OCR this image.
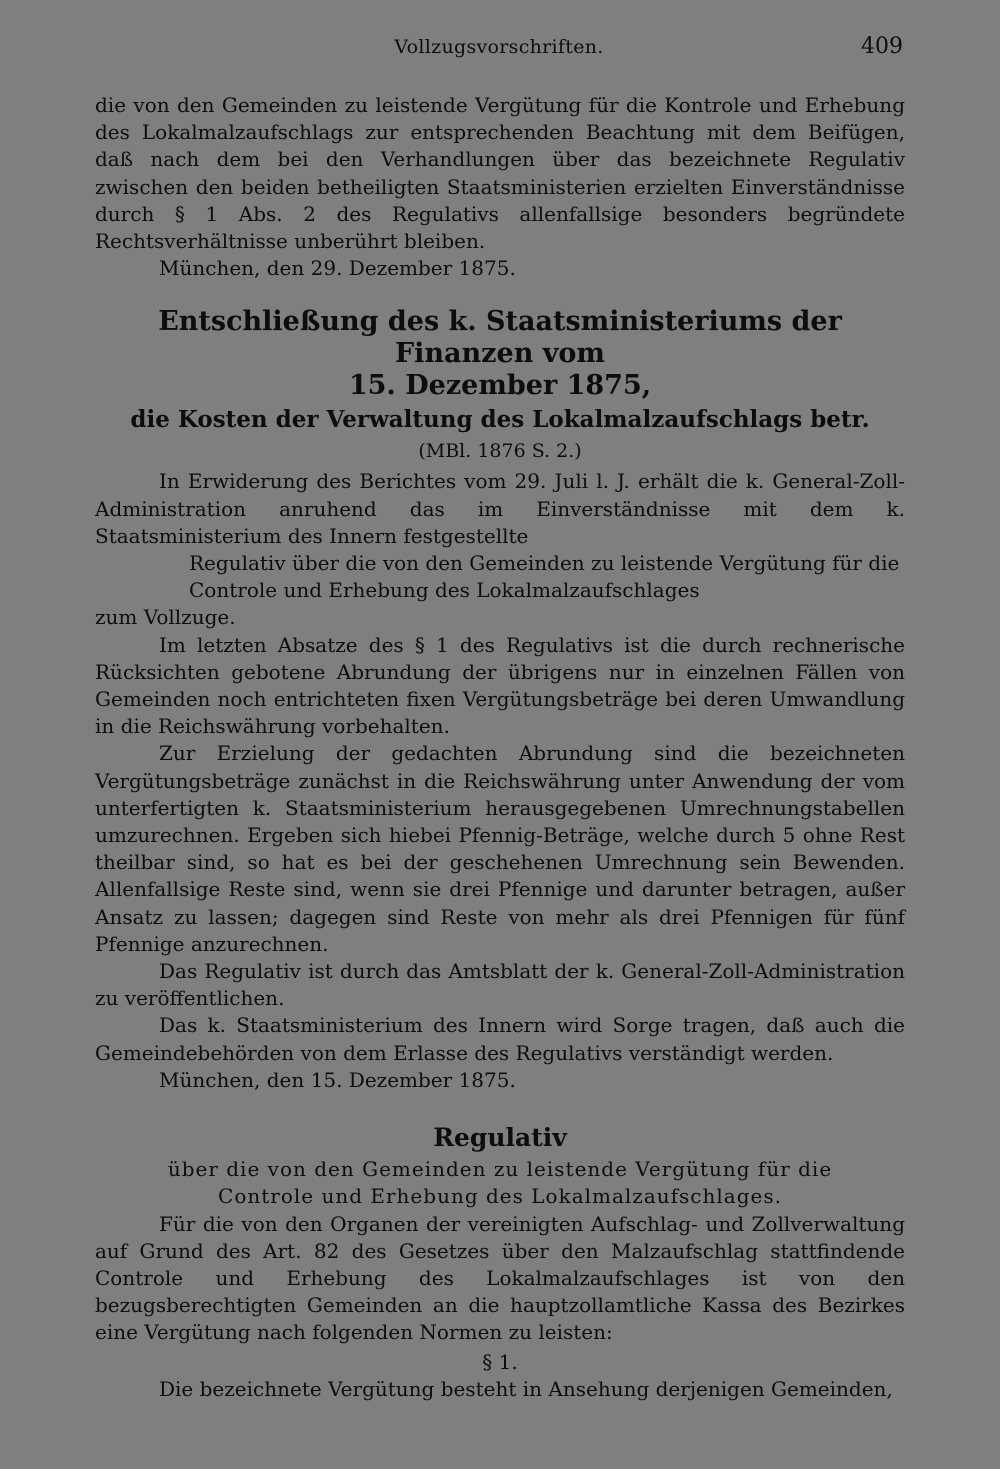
Vollzugsvorschriften.	409

die von den Gemeinden zu leistende Vergütung für die Kontrole und Erhebung des Lokalmalzaufschlags zur entsprechenden Beachtung mit dem Beifügen, daß nach dem bei den Verhandlungen über das bezeichnete Regulativ zwischen den beiden betheiligten Staatsministerien erzielten Einverständnisse durch § 1 Abs. 2 des Regulativs allenfallsige besonders begründete Rechtsverhältnisse unberührt bleiben.

München, den 29. Dezember 1875.

Entschließung des k. Staatsministeriums der Finanzen vom
15. Dezember 1875,
die Kosten der Verwaltung des Lokalmalzaufschlags betr.
(MBl. 1876 S. 2.)

In Erwiderung des Berichtes vom 29. Juli l. J. erhält die k. General-Zoll-Administration anruhend das im Einverständnisse mit dem k. Staatsministerium des Innern festgestellte

Regulativ über die von den Gemeinden zu leistende Vergütung für die Controle und Erhebung des Lokalmalzaufschlages

zum Vollzuge.

Im letzten Absatze des § 1 des Regulativs ist die durch rechnerische Rücksichten gebotene Abrundung der übrigens nur in einzelnen Fällen von Gemeinden noch entrichteten fixen Vergütungsbeträge bei deren Umwandlung in die Reichswährung vorbehalten.

Zur Erzielung der gedachten Abrundung sind die bezeichneten Vergütungsbeträge zunächst in die Reichswährung unter Anwendung der vom unterfertigten k. Staatsministerium herausgegebenen Umrechnungstabellen umzurechnen. Ergeben sich hiebei Pfennig-Beträge, welche durch 5 ohne Rest theilbar sind, so hat es bei der geschehenen Umrechnung sein Bewenden. Allenfallsige Reste sind, wenn sie drei Pfennige und darunter betragen, außer Ansatz zu lassen; dagegen sind Reste von mehr als drei Pfennigen für fünf Pfennige anzurechnen.

Das Regulativ ist durch das Amtsblatt der k. General-Zoll-Administration zu veröffentlichen.

Das k. Staatsministerium des Innern wird Sorge tragen, daß auch die Gemeindebehörden von dem Erlasse des Regulativs verständigt werden.

München, den 15. Dezember 1875.

Regulativ
über die von den Gemeinden zu leistende Vergütung für die
Controle und Erhebung des Lokalmalzaufschlages.

Für die von den Organen der vereinigten Aufschlag- und Zollverwaltung auf Grund des Art. 82 des Gesetzes über den Malzaufschlag stattfindende Controle und Erhebung des Lokalmalzaufschlages ist von den bezugsberechtigten Gemeinden an die hauptzollamtliche Kassa des Bezirkes eine Vergütung nach folgenden Normen zu leisten:

§ 1.

Die bezeichnete Vergütung besteht in Ansehung derjenigen Gemeinden,
